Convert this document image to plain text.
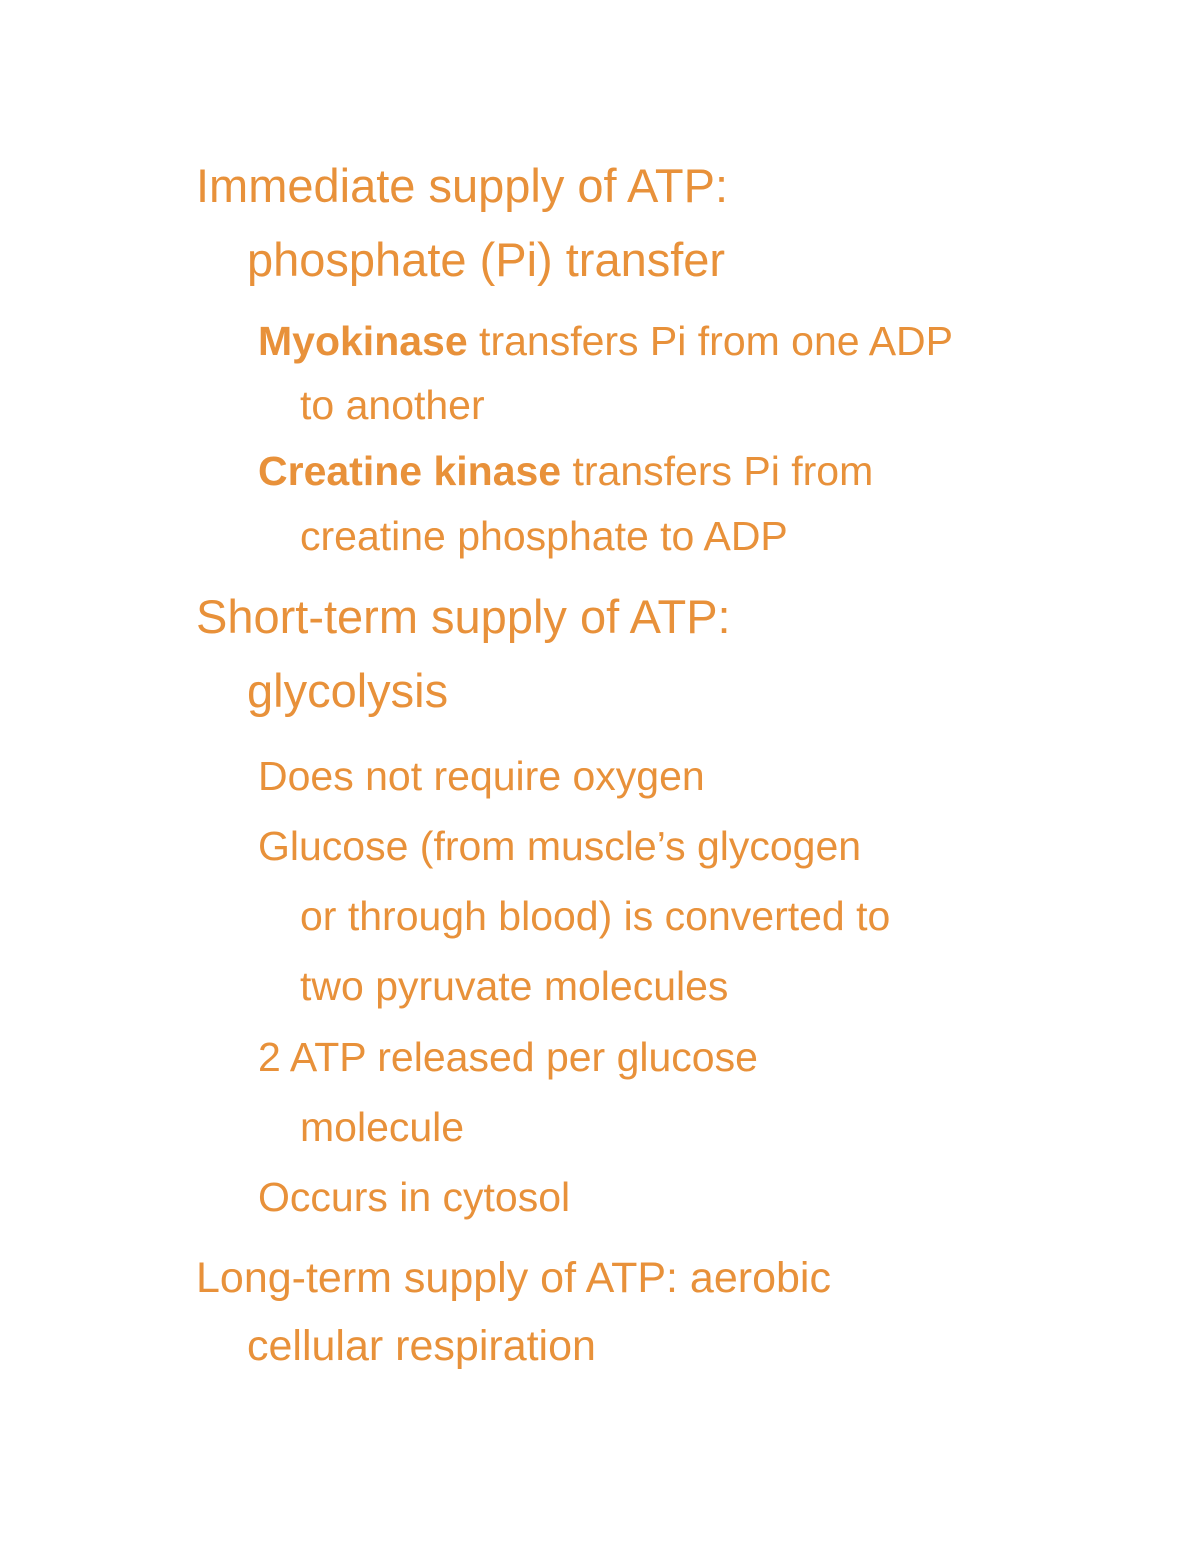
Immediate supply of ATP:
phosphate (Pi) transfer
Myokinase transfers Pi from one ADP
to another
Creatine kinase transfers Pi from
creatine phosphate to ADP
Short-term supply of ATP:
glycolysis
Does not require oxygen
Glucose (from muscle’s glycogen
or through blood) is converted to
two pyruvate molecules
2 ATP released per glucose
molecule
Occurs in cytosol
Long-term supply of ATP: aerobic
cellular respiration
